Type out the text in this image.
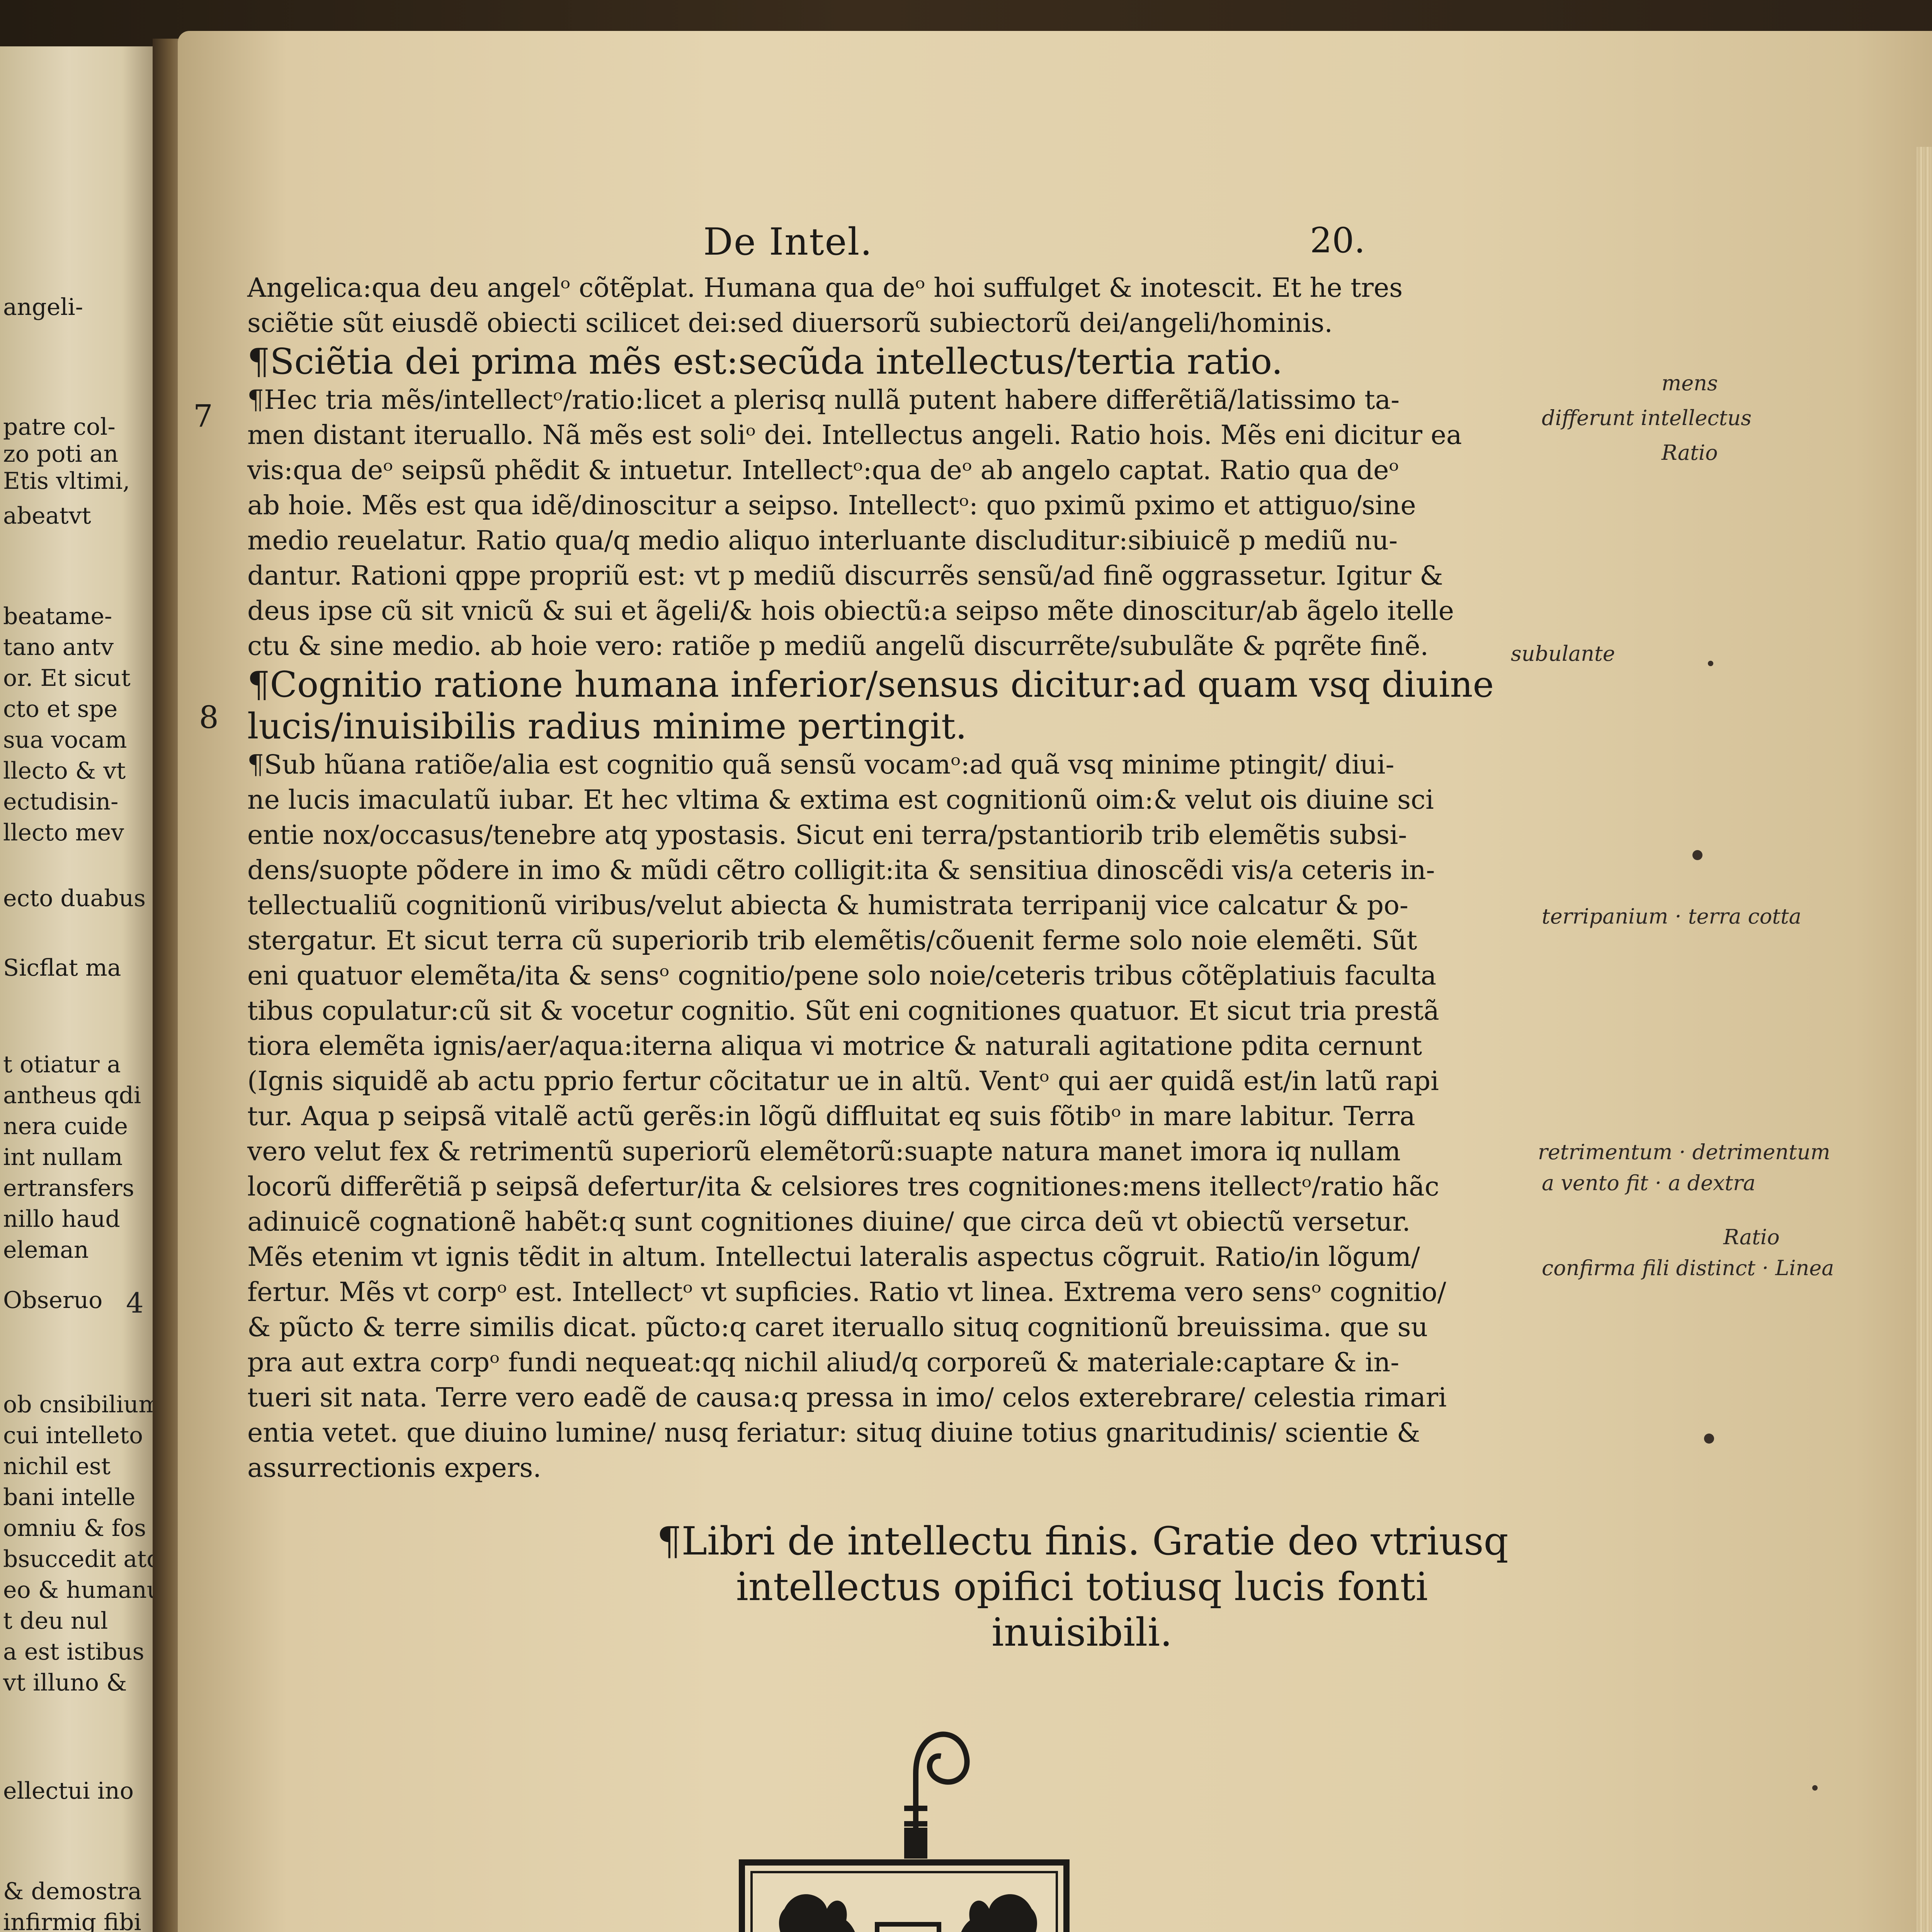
angeli-
patre col-
zo poti an
Etis vltimi,
abeatvt
beatame-
tano antv
or. Et sicut
cto et spe
sua vocam
llecto & vt
ectudisin-
llecto mev
ecto duabus
Sicflat ma
t otiatur a
antheus qdi
nera cuide
int nullam
ertransfers
nillo haud
eleman
Obseruo
ob cnsibilium
cui intelleto
nichil est
bani intelle
omniu & fos
bsuccedit atq
eo & humanu
t deu nul
a est istibus
vt illuno &
ellectui ino
& demostra
infirmig fibi
4
De Intel.	20.
Angelica:qua deu angelᵒ cõtẽplat. Humana qua deᵒ hoi suffulget & inotescit. Et he tres
sciẽtie sũt eiusdẽ obiecti scilicet dei:sed diuersorũ subiectorũ dei/angeli/hominis.
¶Sciẽtia dei prima mẽs est:secũda intellectus/tertia ratio.
¶Hec tria mẽs/intellectᵒ/ratio:licet a plerisq nullã putent habere differẽtiã/latissimo ta-
men distant iteruallo. Nã mẽs est soliᵒ dei. Intellectus angeli. Ratio hois. Mẽs eni dicitur ea
vis:qua deᵒ seipsũ phẽdit & intuetur. Intellectᵒ:qua deᵒ ab angelo captat. Ratio qua deᵒ
ab hoie. Mẽs est qua idẽ/dinoscitur a seipso. Intellectᵒ: quo pximũ pximo et attiguo/sine
medio reuelatur. Ratio qua/q medio aliquo interluante discluditur:sibiuicẽ p mediũ nu-
dantur. Rationi qppe propriũ est: vt p mediũ discurrẽs sensũ/ad finẽ oggrassetur. Igitur &
deus ipse cũ sit vnicũ & sui et ãgeli/& hois obiectũ:a seipso mẽte dinoscitur/ab ãgelo itelle
ctu & sine medio. ab hoie vero: ratiõe p mediũ angelũ discurrẽte/subulãte & pqrẽte finẽ.
¶Cognitio ratione humana inferior/sensus dicitur:ad quam vsq diuine
lucis/inuisibilis radius minime pertingit.
¶Sub hũana ratiõe/alia est cognitio quã sensũ vocamᵒ:ad quã vsq minime ptingit/ diui-
ne lucis imaculatũ iubar. Et hec vltima & extima est cognitionũ oim:& velut ois diuine sci
entie nox/occasus/tenebre atq ypostasis. Sicut eni terra/pstantiorib trib elemẽtis subsi-
dens/suopte põdere in imo & mũdi cẽtro colligit:ita & sensitiua dinoscẽdi vis/a ceteris in-
tellectualiũ cognitionũ viribus/velut abiecta & humistrata terripanij vice calcatur & po-
stergatur. Et sicut terra cũ superiorib trib elemẽtis/cõuenit ferme solo noie elemẽti. Sũt
eni quatuor elemẽta/ita & sensᵒ cognitio/pene solo noie/ceteris tribus cõtẽplatiuis faculta
tibus copulatur:cũ sit & vocetur cognitio. Sũt eni cognitiones quatuor. Et sicut tria prestã
tiora elemẽta ignis/aer/aqua:iterna aliqua vi motrice & naturali agitatione pdita cernunt
(Ignis siquidẽ ab actu pprio fertur cõcitatur ue in altũ. Ventᵒ qui aer quidã est/in latũ rapi
tur. Aqua p seipsã vitalẽ actũ gerẽs:in lõgũ diffluitat eq suis fõtibᵒ in mare labitur. Terra
vero velut fex & retrimentũ superiorũ elemẽtorũ:suapte natura manet imora iq nullam
locorũ differẽtiã p seipsã defertur/ita & celsiores tres cognitiones:mens itellectᵒ/ratio hãc
adinuicẽ cognationẽ habẽt:q sunt cognitiones diuine/ que circa deũ vt obiectũ versetur.
Mẽs etenim vt ignis tẽdit in altum. Intellectui lateralis aspectus cõgruit. Ratio/in lõgum/
fertur. Mẽs vt corpᵒ est. Intellectᵒ vt supficies. Ratio vt linea. Extrema vero sensᵒ cognitio/
& pũcto & terre similis dicat. pũcto:q caret iteruallo situq cognitionũ breuissima. que su
pra aut extra corpᵒ fundi nequeat:qq nichil aliud/q corporeũ & materiale:captare & in-
tueri sit nata. Terre vero eadẽ de causa:q pressa in imo/ celos exterebrare/ celestia rimari
entia vetet. que diuino lumine/ nusq feriatur: situq diuine totius gnaritudinis/ scientie &
assurrectionis expers.
7
8
mens
differunt intellectus
Ratio
subulante
terripanium · terra cotta
retrimentum · detrimentum
a vento fit · a dextra
Ratio
confirma fili distinct · Linea
¶Libri de intellectu finis. Gratie deo vtriusq
intellectus opifici totiusq lucis fonti
inuisibili.
